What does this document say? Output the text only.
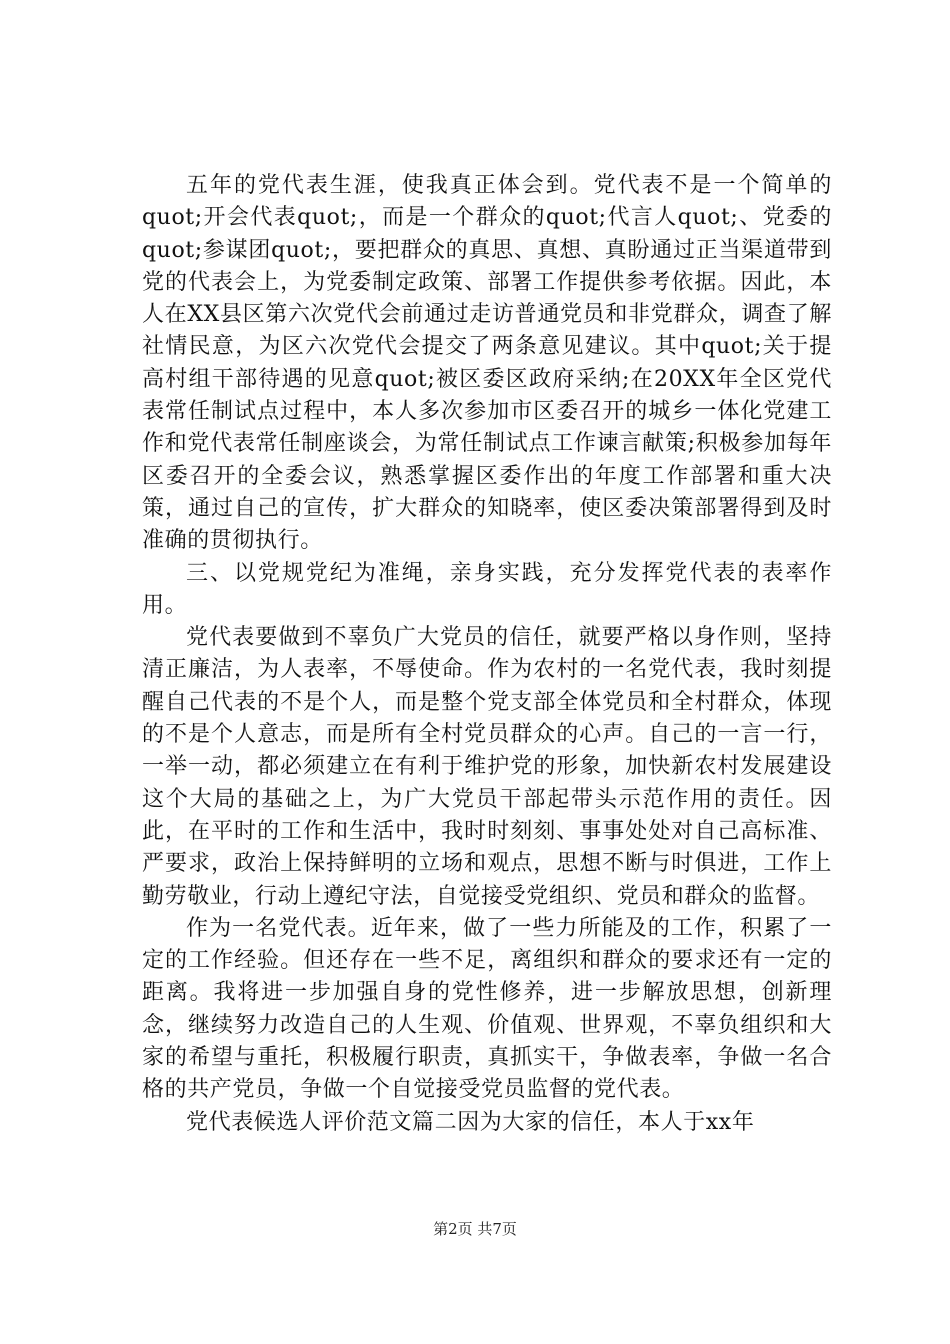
五年的党代表生涯，使我真正体会到。党代表不是一个简单的quot;开会代表quot;，而是一个群众的quot;代言人quot;、党委的quot;参谋团quot;，要把群众的真思、真想、真盼通过正当渠道带到党的代表会上，为党委制定政策、部署工作提供参考依据。因此，本人在XX县区第六次党代会前通过走访普通党员和非党群众，调查了解社情民意，为区六次党代会提交了两条意见建议。其中quot;关于提高村组干部待遇的见意quot;被区委区政府采纳;在20XX年全区党代表常任制试点过程中，本人多次参加市区委召开的城乡一体化党建工作和党代表常任制座谈会，为常任制试点工作谏言献策;积极参加每年区委召开的全委会议，熟悉掌握区委作出的年度工作部署和重大决策，通过自己的宣传，扩大群众的知晓率，使区委决策部署得到及时准确的贯彻执行。

三、以党规党纪为准绳，亲身实践，充分发挥党代表的表率作用。

党代表要做到不辜负广大党员的信任，就要严格以身作则，坚持清正廉洁，为人表率，不辱使命。作为农村的一名党代表，我时刻提醒自己代表的不是个人，而是整个党支部全体党员和全村群众，体现的不是个人意志，而是所有全村党员群众的心声。自己的一言一行，一举一动，都必须建立在有利于维护党的形象，加快新农村发展建设这个大局的基础之上，为广大党员干部起带头示范作用的责任。因此，在平时的工作和生活中，我时时刻刻、事事处处对自己高标准、严要求，政治上保持鲜明的立场和观点，思想不断与时俱进，工作上勤劳敬业，行动上遵纪守法，自觉接受党组织、党员和群众的监督。

作为一名党代表。近年来，做了一些力所能及的工作，积累了一定的工作经验。但还存在一些不足，离组织和群众的要求还有一定的距离。我将进一步加强自身的党性修养，进一步解放思想，创新理念，继续努力改造自己的人生观、价值观、世界观，不辜负组织和大家的希望与重托，积极履行职责，真抓实干，争做表率，争做一名合格的共产党员，争做一个自觉接受党员监督的党代表。

党代表候选人评价范文篇二因为大家的信任，本人于xx年

第2页 共7页
